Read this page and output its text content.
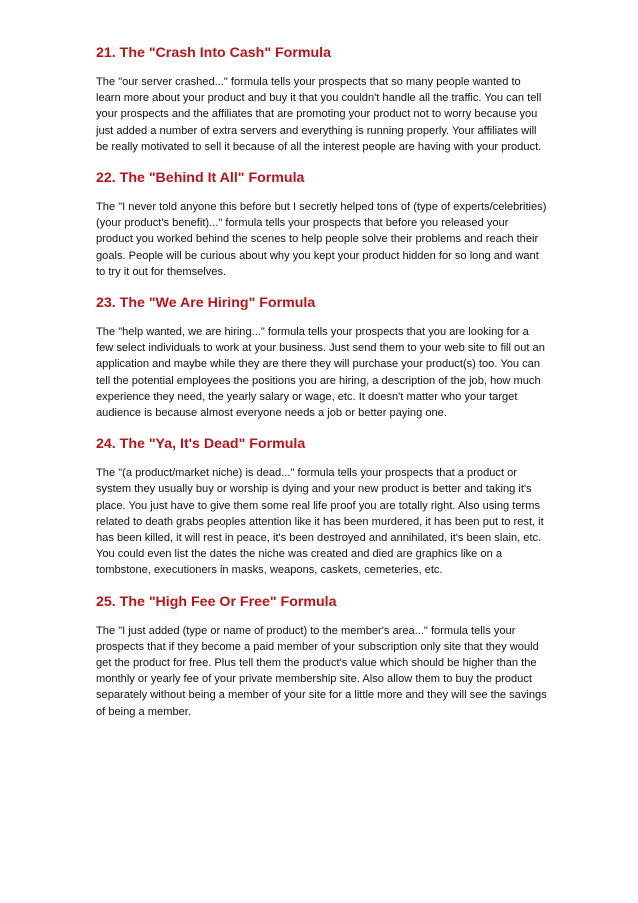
21. The "Crash Into Cash" Formula

The "our server crashed..." formula tells your prospects that so many people wanted to learn more about your product and buy it that you couldn't handle all the traffic. You can tell your prospects and the affiliates that are promoting your product not to worry because you just added a number of extra servers and everything is running properly. Your affiliates will be really motivated to sell it because of all the interest people are having with your product.

22. The "Behind It All" Formula

The "I never told anyone this before but I secretly helped tons of (type of experts/celebrities) (your product's benefit)..." formula tells your prospects that before you released your product you worked behind the scenes to help people solve their problems and reach their goals. People will be curious about why you kept your product hidden for so long and want to try it out for themselves.

23. The "We Are Hiring" Formula

The "help wanted, we are hiring..." formula tells your prospects that you are looking for a few select individuals to work at your business. Just send them to your web site to fill out an application and maybe while they are there they will purchase your product(s) too. You can tell the potential employees the positions you are hiring, a description of the job, how much experience they need, the yearly salary or wage, etc. It doesn't matter who your target audience is because almost everyone needs a job or better paying one.

24. The "Ya, It's Dead" Formula

The "(a product/market niche) is dead..." formula tells your prospects that a product or system they usually buy or worship is dying and your new product is better and taking it's place. You just have to give them some real life proof you are totally right. Also using terms related to death grabs peoples attention like it has been murdered, it has been put to rest, it has been killed, it will rest in peace, it's been destroyed and annihilated, it's been slain, etc. You could even list the dates the niche was created and died are graphics like on a tombstone, executioners in masks, weapons, caskets, cemeteries, etc.

25. The "High Fee Or Free" Formula

The "I just added (type or name of product) to the member's area..." formula tells your prospects that if they become a paid member of your subscription only site that they would get the product for free. Plus tell them the product's value which should be higher than the monthly or yearly fee of your private membership site. Also allow them to buy the product separately without being a member of your site for a little more and they will see the savings of being a member.
